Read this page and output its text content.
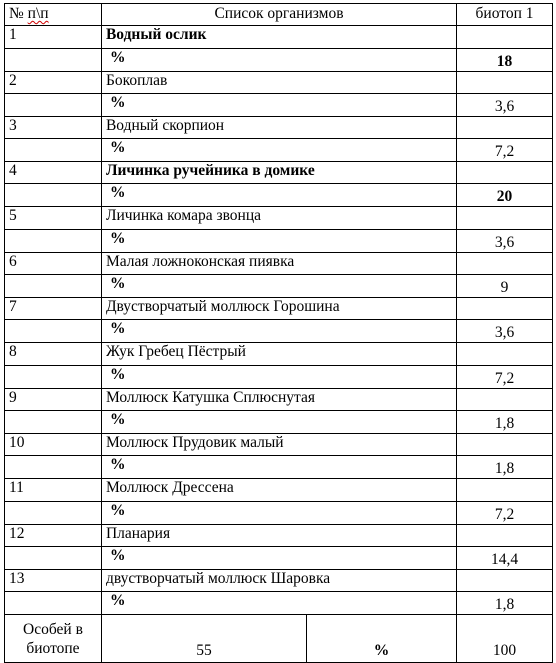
№ п\п	Список организмов		биотоп 1
1	Водный ослик		
	%		18
2	Бокоплав		
	%		3,6
3	Водный скорпион		
	%		7,2
4	Личинка ручейника в домике		
	%		20
5	Личинка комара звонца		
	%		3,6
6	Малая ложноконская пиявка		
	%		9
7	Двустворчатый моллюск Горошина		
	%		3,6
8	Жук Гребец Пёстрый		
	%		7,2
9	Моллюск Катушка Сплюснутая		
	%		1,8
10	Моллюск Прудовик малый		
	%		1,8
11	Моллюск Дрессена		
	%		7,2
12	Планария		
	%		14,4
13	двустворчатый моллюск Шаровка		
	%		1,8
Особей в биотопе	55	%	100
